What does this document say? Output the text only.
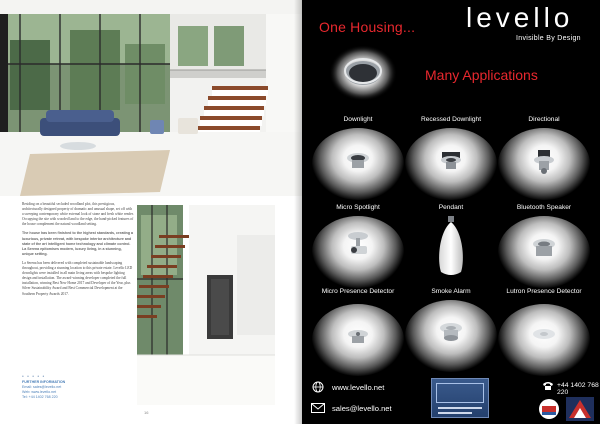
Residing on a beautiful secluded woodland plot, this prestigious, architecturally designed property of dramatic and unusual shape, set off with a sweeping contemporary white external look of stone and fresh white render. Occupying the site with wooded land to the edge, the hand-picked features of the house complement the natural woodland setting.

The house has been finished to the highest standards, creating a luxurious, private retreat, with bespoke interior architecture and state of the art intelligent home technology and climate control. La Serena epitomises modern, luxury living, in a stunning, unique setting.

La Serena has been delivered with completed sustainable landscaping throughout, providing a stunning location to this private estate. Levello LED downlights were installed in all main living areas with bespoke lighting design and installation. The award-winning developer completed the full installation, winning Best New Home 2017 and Developer of the Year, plus Silver Sustainability Award and Best Commercial Development at the Southern Property Awards 2017.

• • • • •
FURTHER INFORMATION
Email: sales@levello.net
Web: www.levello.net
Tel: +44 1402 768 220
16
One Housing... levello
Invisible By Design
Many Applications
Downlight	Recessed Downlight	Directional
Micro Spotlight	Pendant	Bluetooth Speaker
Micro Presence Detector	Smoke Alarm	Lutron Presence Detector
www.levello.net
sales@levello.net
+44 1402 768 220
